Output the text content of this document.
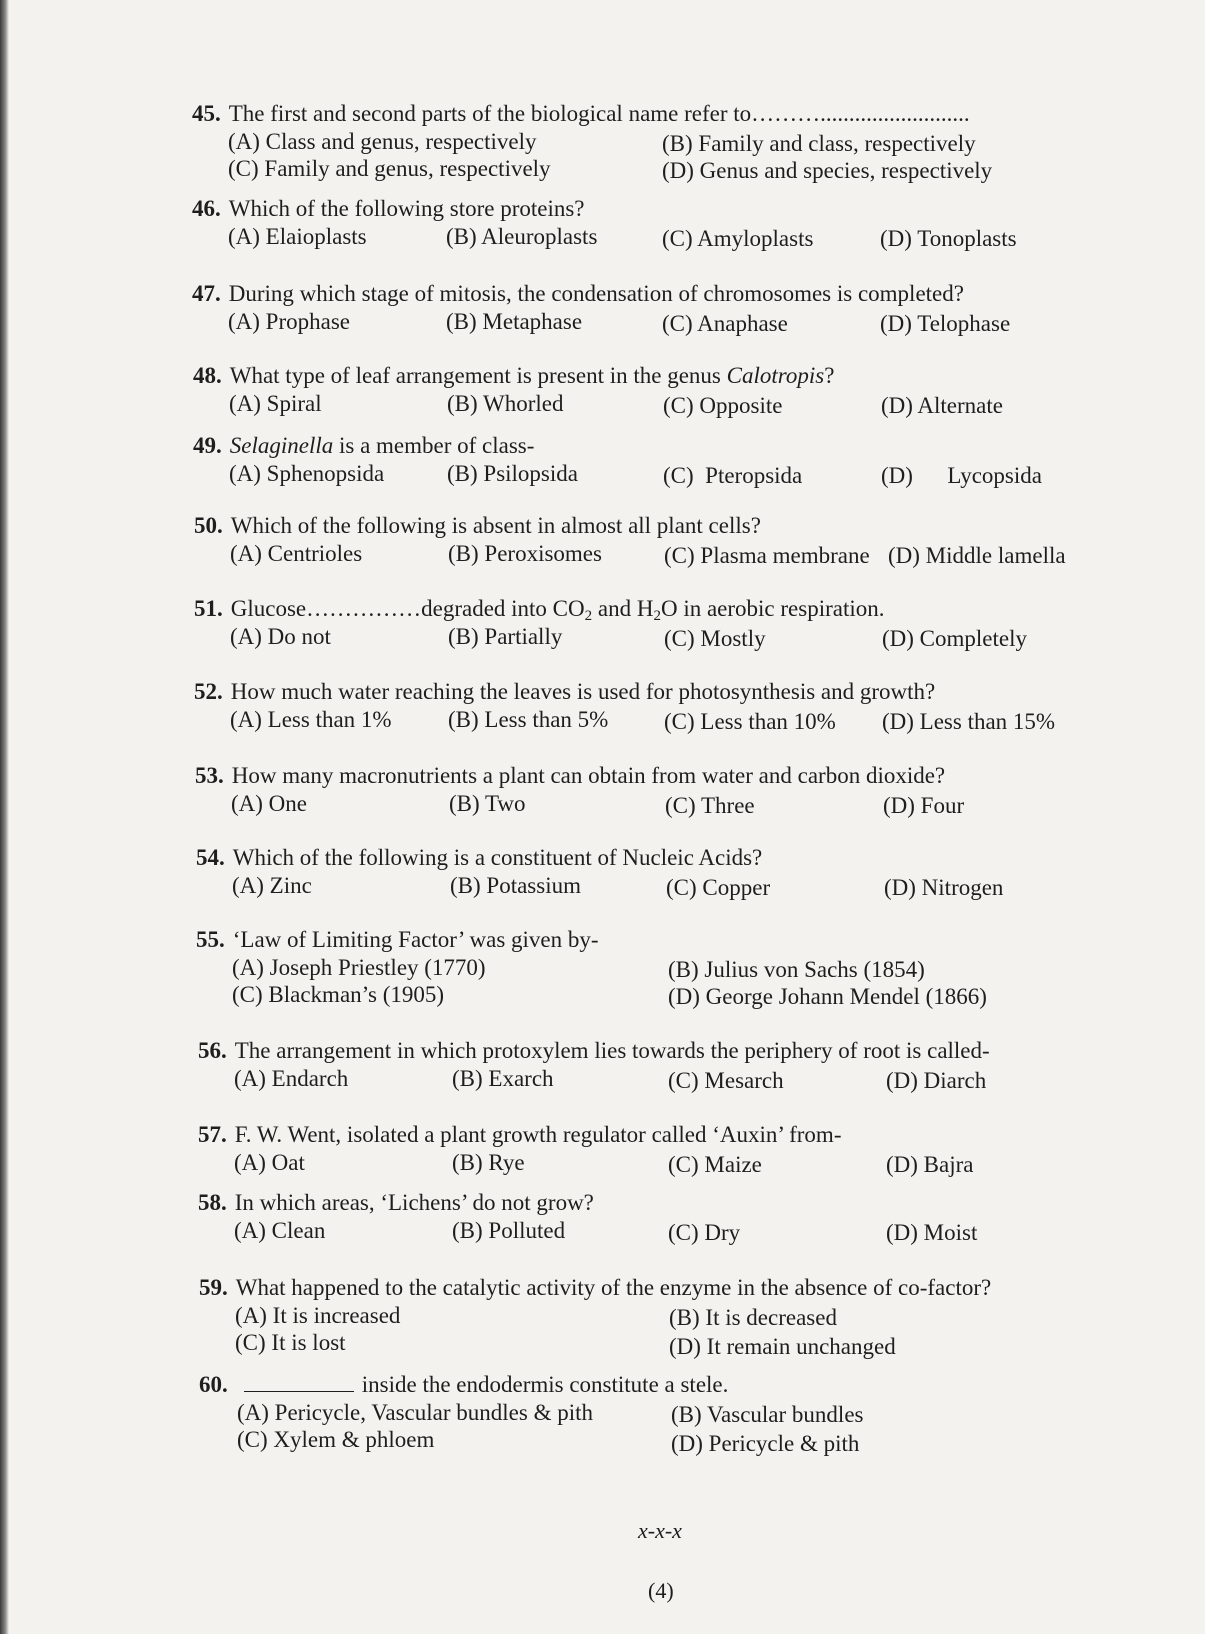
45. The first and second parts of the biological name refer to………..........................
(A) Class and genus, respectively	(B) Family and class, respectively
(C) Family and genus, respectively	(D) Genus and species, respectively
46. Which of the following store proteins?
(A) Elaioplasts	(B) Aleuroplasts	(C) Amyloplasts	(D) Tonoplasts
47. During which stage of mitosis, the condensation of chromosomes is completed?
(A) Prophase	(B) Metaphase	(C) Anaphase	(D) Telophase
48. What type of leaf arrangement is present in the genus Calotropis?
(A) Spiral	(B) Whorled	(C) Opposite	(D) Alternate
49. Selaginella is a member of class-
(A) Sphenopsida	(B) Psilopsida	(C)  Pteropsida	(D)      Lycopsida
50. Which of the following is absent in almost all plant cells?
(A) Centrioles	(B) Peroxisomes	(C) Plasma membrane (D) Middle lamella
51. Glucose……………degraded into $CO_2$ and $H_2O$ in aerobic respiration.
(A) Do not	(B) Partially	(C) Mostly	(D) Completely
52. How much water reaching the leaves is used for photosynthesis and growth?
(A) Less than 1% (B) Less than 5% (C) Less than 10% (D) Less than 15%
53. How many macronutrients a plant can obtain from water and carbon dioxide?
(A) One	(B) Two	(C) Three	(D) Four
54. Which of the following is a constituent of Nucleic Acids?
(A) Zinc	(B) Potassium	(C) Copper	(D) Nitrogen
55. ‘Law of Limiting Factor’ was given by-
(A) Joseph Priestley (1770)	(B) Julius von Sachs (1854)
(C) Blackman’s (1905)	(D) George Johann Mendel (1866)
56. The arrangement in which protoxylem lies towards the periphery of root is called-
(A) Endarch	(B) Exarch	(C) Mesarch	(D) Diarch
57. F. W. Went, isolated a plant growth regulator called ‘Auxin’ from-
(A) Oat	(B) Rye	(C) Maize	(D) Bajra
58. In which areas, ‘Lichens’ do not grow?
(A) Clean	(B) Polluted	(C) Dry	(D) Moist
59. What happened to the catalytic activity of the enzyme in the absence of co-factor?
(A) It is increased	(B) It is decreased
(C) It is lost	(D) It remain unchanged
60.	inside the endodermis constitute a stele.
(A) Pericycle, Vascular bundles & pith	(B) Vascular bundles
(C) Xylem & phloem	(D) Pericycle & pith
x-x-x
(4)
